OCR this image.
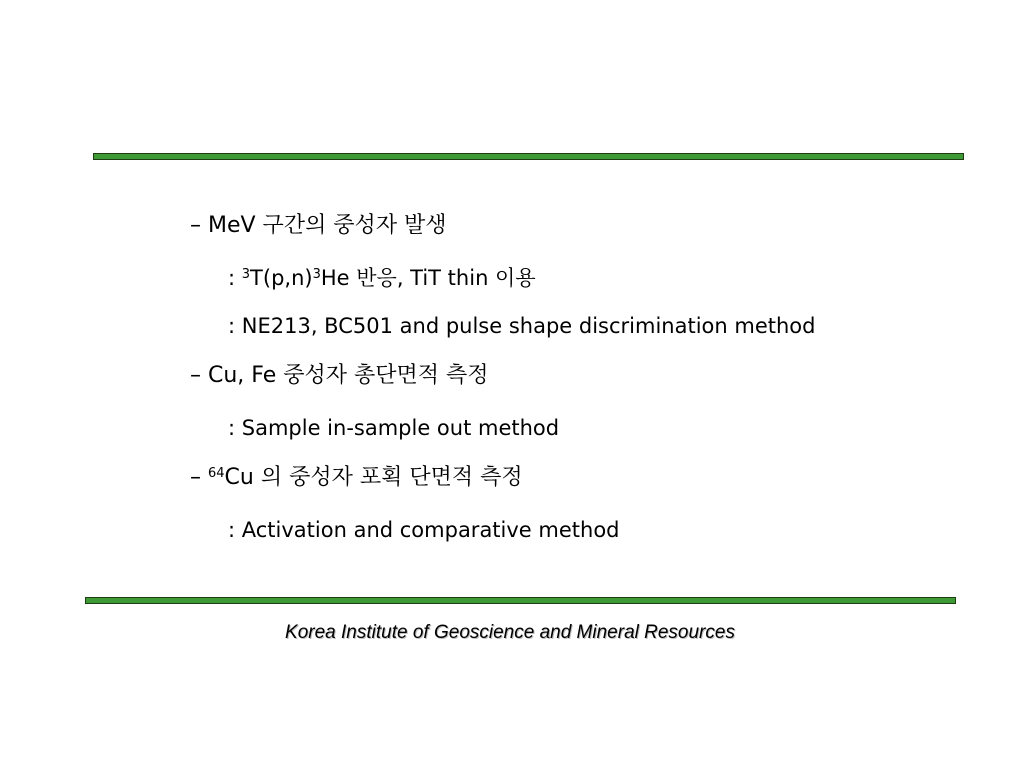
– MeV 구간의 중성자 발생
: $^3T(p,n)^3He$ 반응, TiT thin 이용
: NE213, BC501 and pulse shape discrimination method
– Cu, Fe 중성자 총단면적 측정
: Sample in-sample out method
– $^{64}$Cu 의 중성자 포획 단면적 측정
: Activation and comparative method
Korea Institute of Geoscience and Mineral Resources
